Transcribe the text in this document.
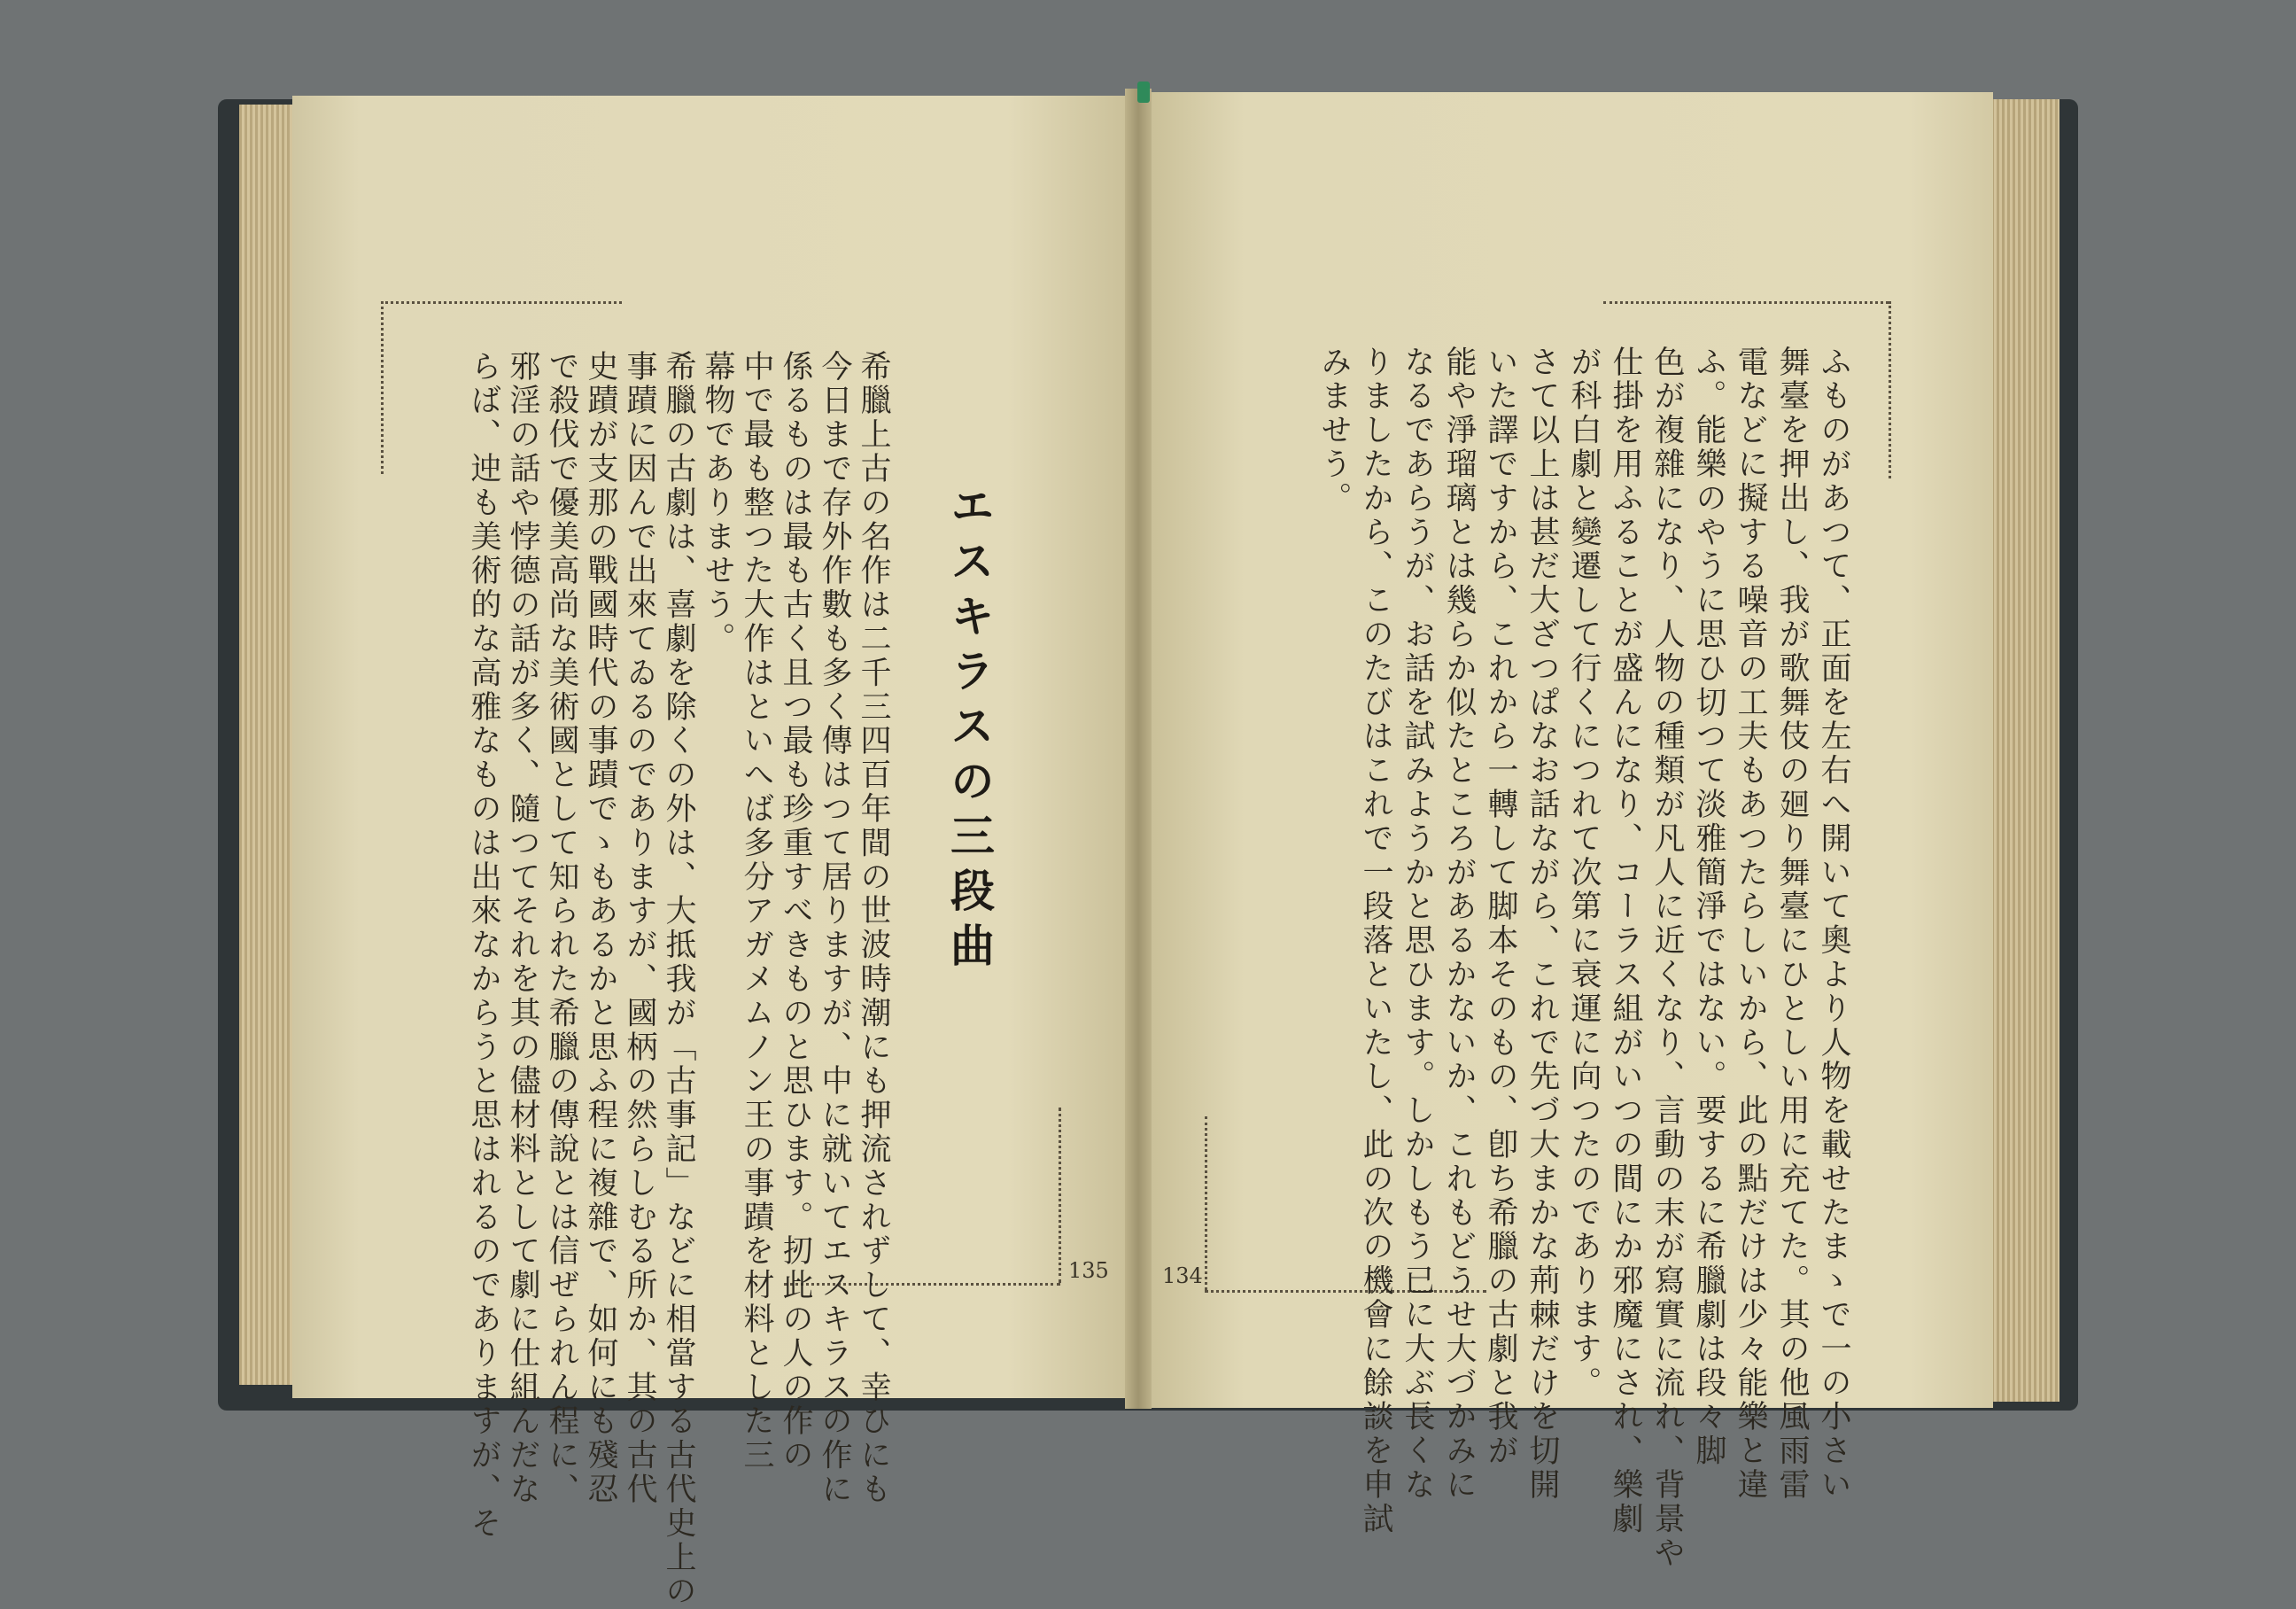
135	134
エスキラスの三段曲
希臘上古の名作は二千三四百年間の世波時潮にも押流されずして、幸ひにも
今日まで存外作數も多く傳はつて居りますが、中に就いてエスキラスの作に
係るものは最も古く且つ最も珍重すべきものと思ひます。扨此の人の作の
中で最も整つた大作はといへば多分アガメムノン王の事蹟を材料とした三
幕物でありませう。
希臘の古劇は、喜劇を除くの外は、大抵我が「古事記」などに相當する古代史上の
事蹟に因んで出來てゐるのでありますが、國柄の然らしむる所か、其の古代
史蹟が支那の戰國時代の事蹟でゝもあるかと思ふ程に複雜で、如何にも殘忍
で殺伐で優美高尚な美術國として知られた希臘の傳說とは信ぜられん程に、
邪淫の話や悖德の話が多く、隨つてそれを其の儘材料として劇に仕組んだな
らば、迚も美術的な高雅なものは出來なからうと思はれるのでありますが、そ	ふものがあつて、正面を左右へ開いて奧より人物を載せたまゝで一の小さい
舞臺を押出し、我が歌舞伎の廻り舞臺にひとしい用に充てた。其の他風雨雷
電などに擬する噪音の工夫もあつたらしいから、此の點だけは少々能樂と違
ふ。能樂のやうに思ひ切つて淡雅簡淨ではない。要するに希臘劇は段々脚
色が複雜になり、人物の種類が凡人に近くなり、言動の末が寫實に流れ、背景や
仕掛を用ふることが盛んになり、コーラス組がいつの間にか邪魔にされ、樂劇
が科白劇と變遷して行くにつれて次第に衰運に向つたのであります。
さて以上は甚だ大ざつぱなお話ながら、これで先づ大まかな荊棘だけを切開
いた譯ですから、これから一轉して脚本そのもの、卽ち希臘の古劇と我が
能や淨瑠璃とは幾らか似たところがあるかないか、これもどうせ大づかみに
なるであらうが、お話を試みようかと思ひます。しかしもう已に大ぶ長くな
りましたから、このたびはこれで一段落といたし、此の次の機會に餘談を申試
みませう。
